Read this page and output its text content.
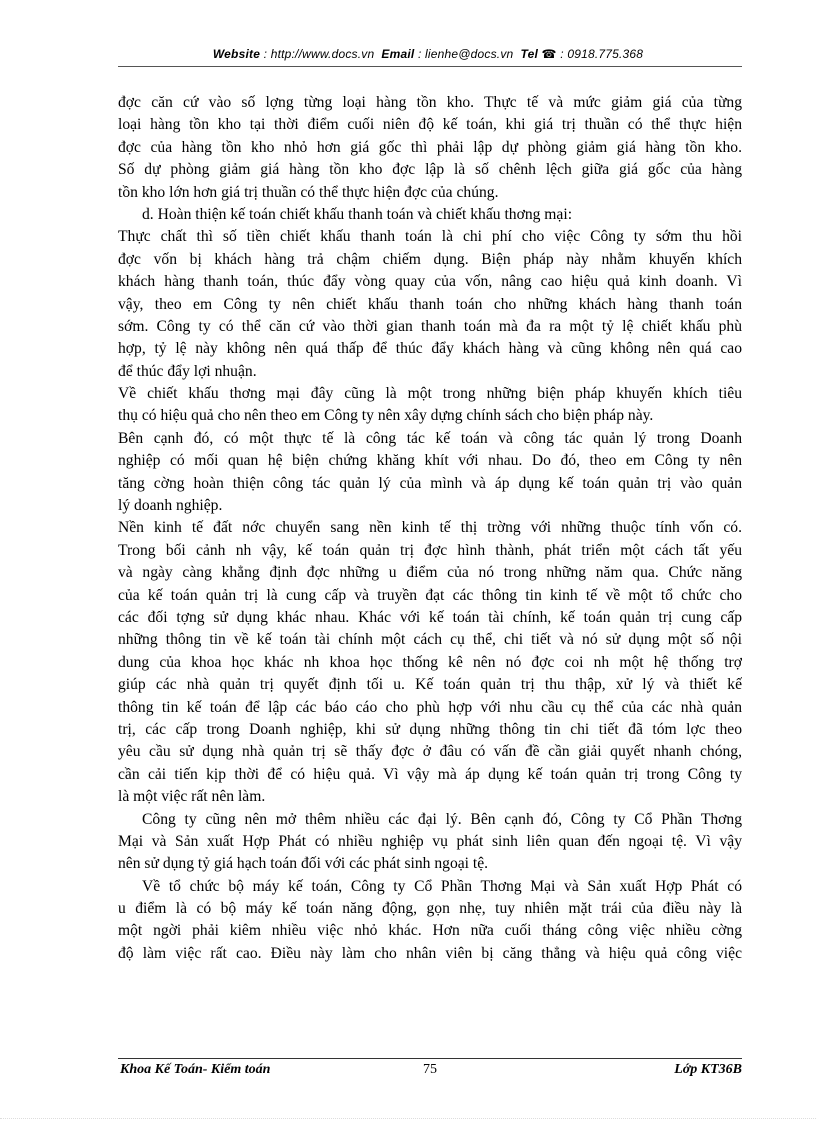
Website : http://www.docs.vn Email : lienhe@docs.vn Tel ☎ : 0918.775.368
đợc căn cứ vào số lợng từng loại hàng tồn kho. Thực tế và mức giảm giá của từng
loại hàng tồn kho tại thời điểm cuối niên độ kế toán, khi giá trị thuần có thể thực hiện
đợc của hàng tồn kho nhỏ hơn giá gốc thì phải lập dự phòng giảm giá hàng tồn kho.
Số dự phòng giảm giá hàng tồn kho đợc lập là số chênh lệch giữa giá gốc của hàng
tồn kho lớn hơn giá trị thuần có thể thực hiện đợc của chúng.
d. Hoàn thiện kế toán chiết khấu thanh toán và chiết khấu thơng mại:
Thực chất thì số tiền chiết khấu thanh toán là chi phí cho việc Công ty sớm thu hồi
đợc vốn bị khách hàng trả chậm chiếm dụng. Biện pháp này nhằm khuyến khích
khách hàng thanh toán, thúc đẩy vòng quay của vốn, nâng cao hiệu quả kinh doanh. Vì
vậy, theo em Công ty nên chiết khấu thanh toán cho những khách hàng thanh toán
sớm. Công ty có thể căn cứ vào thời gian thanh toán mà đa ra một tỷ lệ chiết khấu phù
hợp, tỷ lệ này không nên quá thấp để thúc đẩy khách hàng và cũng không nên quá cao
để thúc đẩy lợi nhuận.
Về chiết khấu thơng mại đây cũng là một trong những biện pháp khuyến khích tiêu
thụ có hiệu quả cho nên theo em Công ty nên xây dựng chính sách cho biện pháp này.
Bên cạnh đó, có một thực tế là công tác kế toán và công tác quản lý trong Doanh
nghiệp có mối quan hệ biện chứng khăng khít với nhau. Do đó, theo em Công ty nên
tăng cờng hoàn thiện công tác quản lý của mình và áp dụng kế toán quản trị vào quản
lý doanh nghiệp.
Nền kinh tế đất nớc chuyển sang nền kinh tế thị trờng với những thuộc tính vốn có.
Trong bối cảnh nh vậy, kế toán quản trị đợc hình thành, phát triển một cách tất yếu
và ngày càng khẳng định đợc những u điểm của nó trong những năm qua. Chức năng
của kế toán quản trị là cung cấp và truyền đạt các thông tin kinh tế về một tổ chức cho
các đối tợng sử dụng khác nhau. Khác với kế toán tài chính, kế toán quản trị cung cấp
những thông tin về kế toán tài chính một cách cụ thể, chi tiết và nó sử dụng một số nội
dung của khoa học khác nh khoa học thống kê nên nó đợc coi nh một hệ thống trợ
giúp các nhà quản trị quyết định tối u. Kế toán quản trị thu thập, xử lý và thiết kế
thông tin kế toán để lập các báo cáo cho phù hợp với nhu cầu cụ thể của các nhà quản
trị, các cấp trong Doanh nghiệp, khi sử dụng những thông tin chi tiết đã tóm lợc theo
yêu cầu sử dụng nhà quản trị sẽ thấy đợc ở đâu có vấn đề cần giải quyết nhanh chóng,
cần cải tiến kịp thời để có hiệu quả. Vì vậy mà áp dụng kế toán quản trị trong Công ty
là một việc rất nên làm.
Công ty cũng nên mở thêm nhiều các đại lý. Bên cạnh đó, Công ty Cổ Phần Thơng
Mại và Sản xuất Hợp Phát có nhiều nghiệp vụ phát sinh liên quan đến ngoại tệ. Vì vậy
nên sử dụng tỷ giá hạch toán đối với các phát sinh ngoại tệ.
Về tổ chức bộ máy kế toán, Công ty Cổ Phần Thơng Mại và Sản xuất Hợp Phát có
u điểm là có bộ máy kế toán năng động, gọn nhẹ, tuy nhiên mặt trái của điều này là
một ngời phải kiêm nhiều việc nhỏ khác. Hơn nữa cuối tháng công việc nhiều cờng
độ làm việc rất cao. Điều này làm cho nhân viên bị căng thẳng và hiệu quả công việc
Khoa Kế Toán- Kiểm toán	75	Lớp KT36B
